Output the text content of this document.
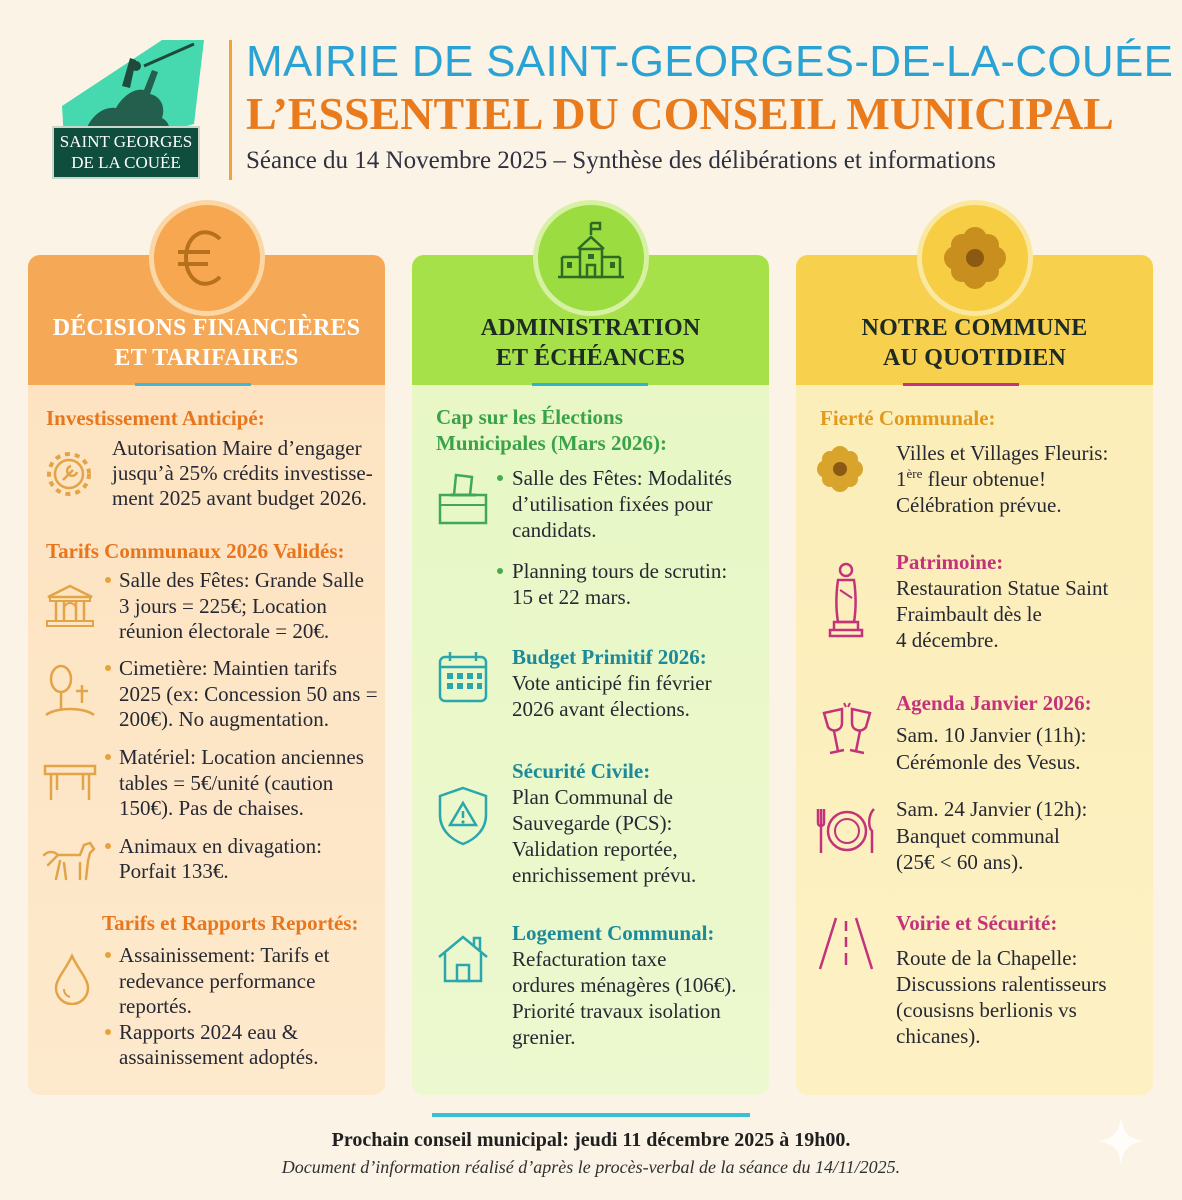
SAINT GEORGES
DE LA COUÉE
MAIRIE DE SAINT-GEORGES-DE-LA-COUÉE
L’ESSENTIEL DU CONSEIL MUNICIPAL
Séance du 14 Novembre 2025 – Synthèse des délibérations et informations
DÉCISIONS FINANCIÈRES
ET TARIFAIRES
Investissement Anticipé:
Autorisation Maire d’engager
jusqu’à 25% crédits investisse-
ment 2025 avant budget 2026.
Tarifs Communaux 2026 Validés:
Salle des Fêtes: Grande Salle
3 jours = 225€; Location
réunion électorale = 20€.
Cimetière: Maintien tarifs
2025 (ex: Concession 50 ans =
200€). No augmentation.
Matériel: Location anciennes
tables = 5€/unité (caution
150€). Pas de chaises.
Animaux en divagation:
Porfait 133€.
Tarifs et Rapports Reportés:
Assainissement: Tarifs et
redevance performance
reportés.
Rapports 2024 eau &
assainissement adoptés.
ADMINISTRATION
ET ÉCHÉANCES
Cap sur les Élections
Municipales (Mars 2026):
Salle des Fêtes: Modalités
d’utilisation fixées pour
candidats.
Planning tours de scrutin:
15 et 22 mars.
Budget Primitif 2026:
Vote anticipé fin février
2026 avant élections.
Sécurité Civile:
Plan Communal de
Sauvegarde (PCS):
Validation reportée,
enrichissement prévu.
Logement Communal:
Refacturation taxe
ordures ménagères (106€).
Priorité travaux isolation
grenier.
NOTRE COMMUNE
AU QUOTIDIEN
Fierté Communale:
Villes et Villages Fleuris:
1ère fleur obtenue!
Célébration prévue.
Patrimoine:
Restauration Statue Saint
Fraimbault dès le
4 décembre.
Agenda Janvier 2026:
Sam. 10 Janvier (11h):
Cérémonle des Vesus.
Sam. 24 Janvier (12h):
Banquet communal
(25€ < 60 ans).
Voirie et Sécurité:
Route de la Chapelle:
Discussions ralentisseurs
(cousisns berlionis vs
chicanes).
Prochain conseil municipal: jeudi 11 décembre 2025 à 19h00.
Document d’information réalisé d’après le procès-verbal de la séance du 14/11/2025.
